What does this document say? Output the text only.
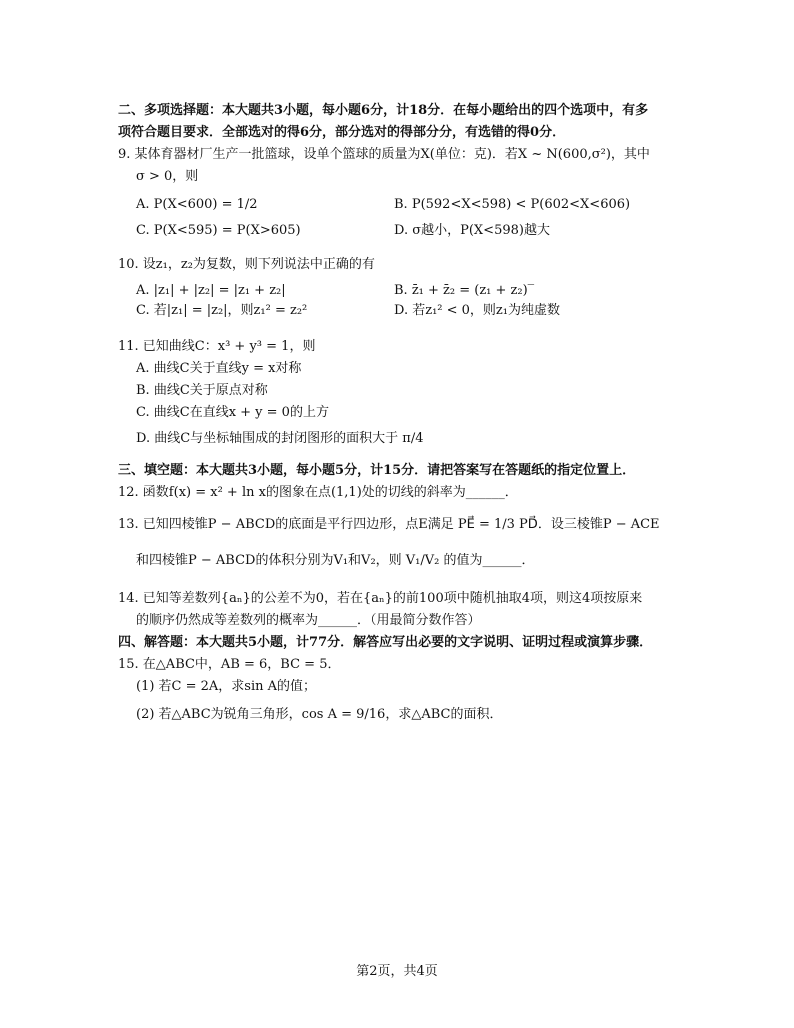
二、多项选择题：本大题共3小题，每小题6分，计18分．在每小题给出的四个选项中，有多
项符合题目要求．全部选对的得6分，部分选对的得部分分，有选错的得0分．
9. 某体育器材厂生产一批篮球，设单个篮球的质量为X(单位：克)．若X ~ N(600,σ²)，其中
σ > 0，则
A. P(X<600) = 1/2	B. P(592<X<598) < P(602<X<606)
C. P(X<595) = P(X>605)	D. σ越小，P(X<598)越大
10. 设z₁，z₂为复数，则下列说法中正确的有
A. |z₁| + |z₂| = |z₁ + z₂|	B. z̄₁ + z̄₂ = (z₁ + z₂)‾
C. 若|z₁| = |z₂|，则z₁² = z₂²	D. 若z₁² < 0，则z₁为纯虚数
11. 已知曲线C：x³ + y³ = 1，则
A. 曲线C关于直线y = x对称
B. 曲线C关于原点对称
C. 曲线C在直线x + y = 0的上方
D. 曲线C与坐标轴围成的封闭图形的面积大于 π/4
三、填空题：本大题共3小题，每小题5分，计15分．请把答案写在答题纸的指定位置上．
12. 函数f(x) = x² + ln x的图象在点(1,1)处的切线的斜率为______．
13. 已知四棱锥P − ABCD的底面是平行四边形，点E满足 PE⃗ = 1/3 PD⃗．设三棱锥P − ACE
和四棱锥P − ABCD的体积分别为V₁和V₂，则 V₁/V₂ 的值为______．
14. 已知等差数列{aₙ}的公差不为0，若在{aₙ}的前100项中随机抽取4项，则这4项按原来
的顺序仍然成等差数列的概率为______．（用最简分数作答）
四、解答题：本大题共5小题，计77分．解答应写出必要的文字说明、证明过程或演算步骤．
15. 在△ABC中，AB = 6，BC = 5．
(1) 若C = 2A，求sin A的值；
(2) 若△ABC为锐角三角形，cos A = 9/16，求△ABC的面积．
第2页，共4页
